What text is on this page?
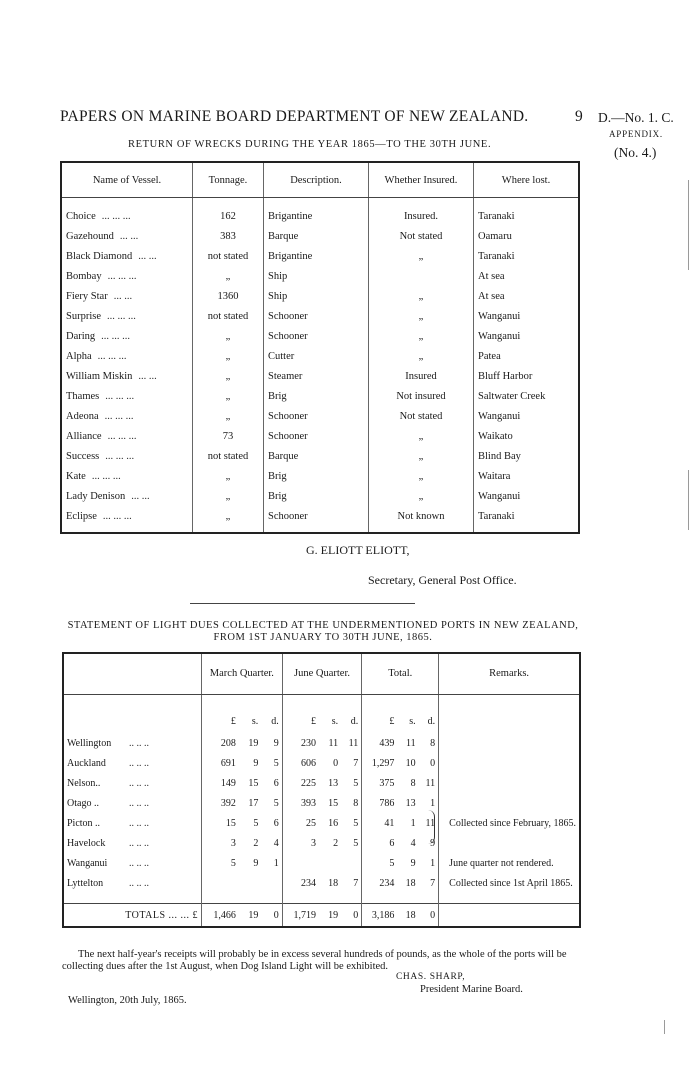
PAPERS ON MARINE BOARD DEPARTMENT OF NEW ZEALAND.	9 D.—No. 1. C.
APPENDIX.
(No. 4.)
RETURN OF WRECKS DURING THE YEAR 1865—TO THE 30TH JUNE.
Name of Vessel.	Tonnage.	Description.	Whether Insured.	Where lost.

Choice ... ... ...	162	Brigantine	Insured.	Taranaki
Gazehound ... ...	383	Barque	Not stated	Oamaru
Black Diamond ... ...	not stated	Brigantine	„	Taranaki
Bombay ... ... ...	„	Ship		At sea
Fiery Star ... ...	1360	Ship	„	At sea
Surprise ... ... ...	not stated	Schooner	„	Wanganui
Daring ... ... ...	„	Schooner	„	Wanganui
Alpha ... ... ...	„	Cutter	„	Patea
William Miskin ... ...	„	Steamer	Insured	Bluff Harbor
Thames ... ... ...	„	Brig	Not insured	Saltwater Creek
Adeona ... ... ...	„	Schooner	Not stated	Wanganui
Alliance ... ... ...	73	Schooner	„	Waikato
Success ... ... ...	not stated	Barque	„	Blind Bay
Kate ... ... ...	„	Brig	„	Waitara
Lady Denison ... ...	„	Brig	„	Wanganui
Eclipse ... ... ...	„	Schooner	Not known	Taranaki

G. ELIOTT ELIOTT,
Secretary, General Post Office.
STATEMENT OF LIGHT DUES COLLECTED AT THE UNDERMENTIONED PORTS IN NEW ZEALAND, FROM 1ST JANUARY TO 30TH JUNE, 1865.
	March Quarter.			June Quarter.			Total.			Remarks.
	£	s.	d.	£	s.	d.	£	s.	d.	
Wellington .. .. ..	208	19	9	230	11	11	439	11	8	
Auckland .. .. ..	691	9	5	606	0	7	1,297	10	0	
Nelson.. .. .. ..	149	15	6	225	13	5	375	8	11	
Otago .. .. .. ..	392	17	5	393	15	8	786	13	1	
Picton .. .. .. ..	15	5	6	25	16	5	41	1	11	Collected since February, 1865.
Havelock .. .. ..	3	2	4	3	2	5	6	4	9	
Wanganui .. .. ..	5	9	1				5	9	1	June quarter not rendered.
Lyttelton .. .. ..				234	18	7	234	18	7	Collected since 1st April 1865.

TOTALS ... ... £	1,466	19	0	1,719	19	0	3,186	18	0	
The next half-year's receipts will probably be in excess several hundreds of pounds, as the whole of the ports will be collecting dues after the 1st August, when Dog Island Light will be exhibited.
CHAS. SHARP,
President Marine Board.
Wellington, 20th July, 1865.
